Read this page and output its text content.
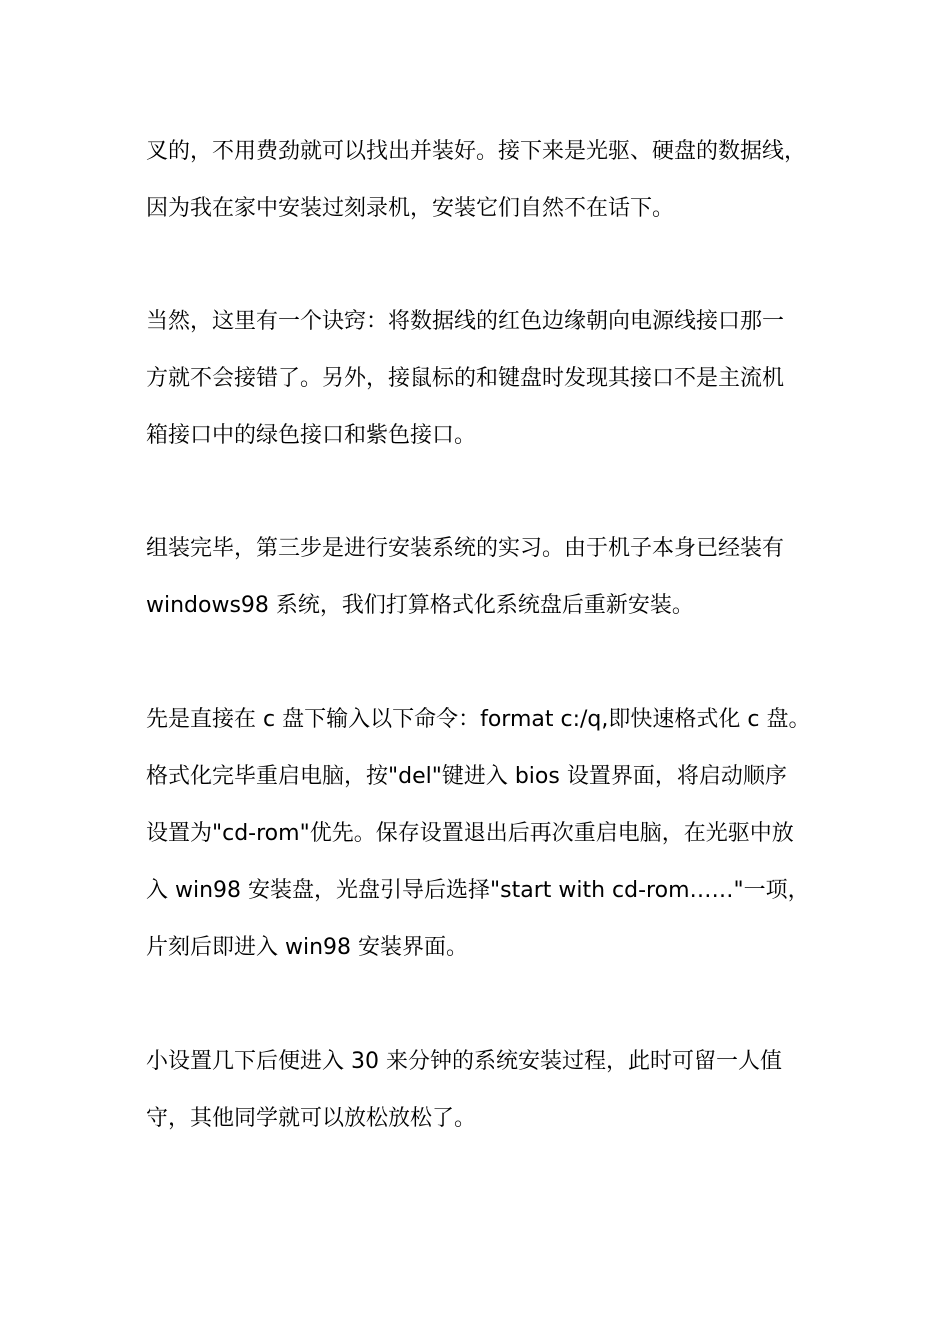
叉的，不用费劲就可以找出并装好。接下来是光驱、硬盘的数据线，
因为我在家中安装过刻录机，安装它们自然不在话下。
当然，这里有一个诀窍：将数据线的红色边缘朝向电源线接口那一
方就不会接错了。另外，接鼠标的和键盘时发现其接口不是主流机
箱接口中的绿色接口和紫色接口。
组装完毕，第三步是进行安装系统的实习。由于机子本身已经装有
windows98 系统，我们打算格式化系统盘后重新安装。
先是直接在 c 盘下输入以下命令：format c:/q,即快速格式化 c 盘。
格式化完毕重启电脑，按"del"键进入 bios 设置界面，将启动顺序
设置为"cd-rom"优先。保存设置退出后再次重启电脑，在光驱中放
入 win98 安装盘，光盘引导后选择"start with cd-rom……"一项，
片刻后即进入 win98 安装界面。
小设置几下后便进入 30 来分钟的系统安装过程，此时可留一人值
守，其他同学就可以放松放松了。
